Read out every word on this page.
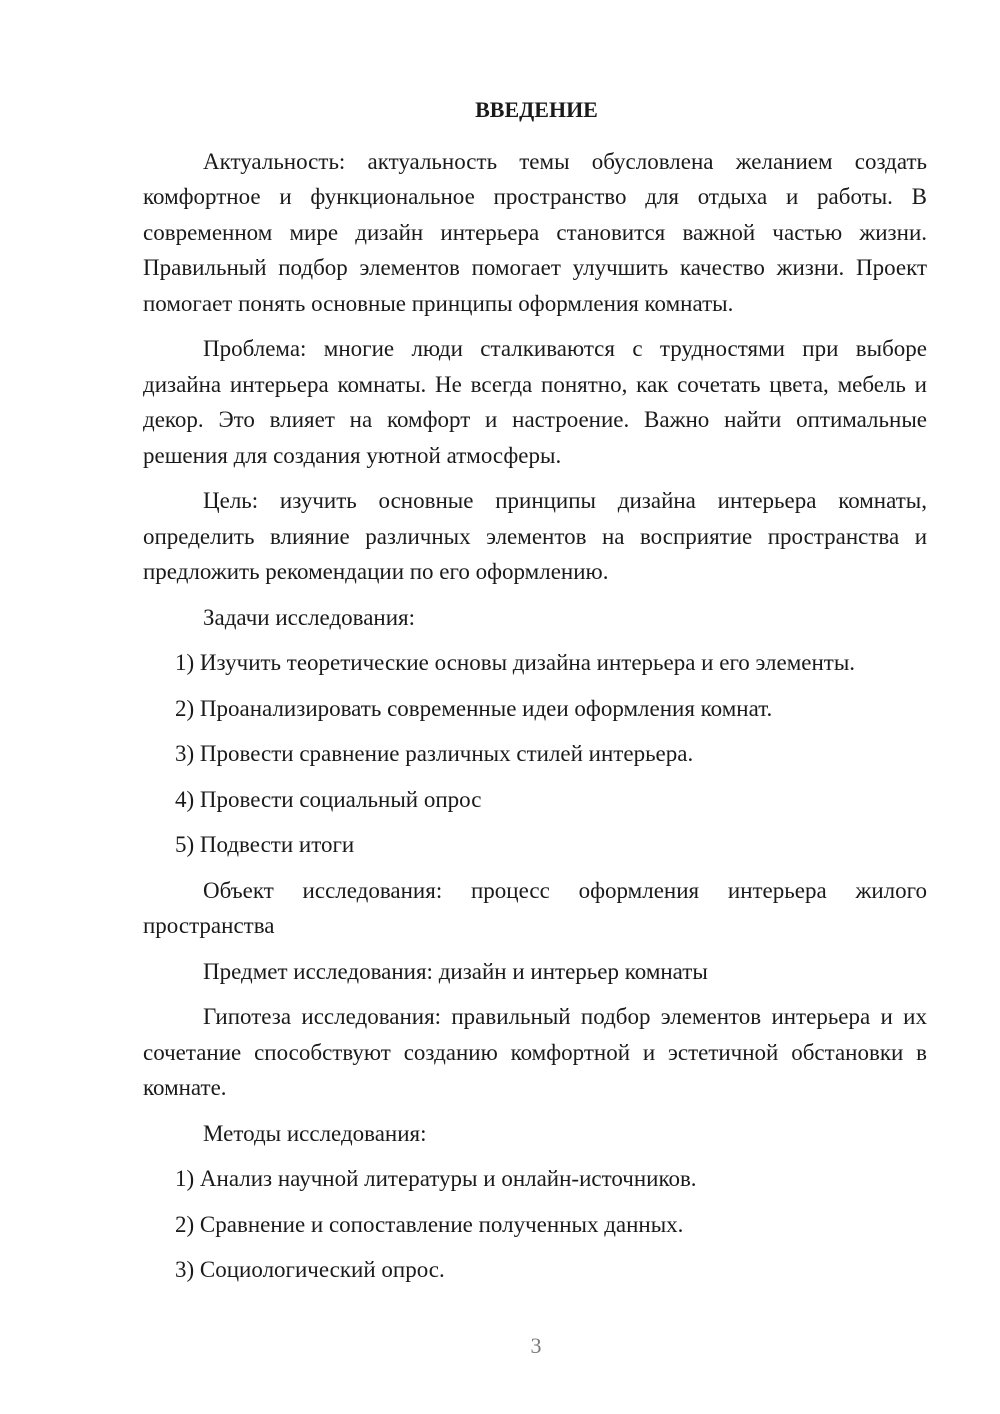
ВВЕДЕНИЕ
Актуальность: актуальность темы обусловлена желанием создать комфортное и функциональное пространство для отдыха и работы. В современном мире дизайн интерьера становится важной частью жизни. Правильный подбор элементов помогает улучшить качество жизни. Проект помогает понять основные принципы оформления комнаты.
Проблема: многие люди сталкиваются с трудностями при выборе дизайна интерьера комнаты. Не всегда понятно, как сочетать цвета, мебель и декор. Это влияет на комфорт и настроение. Важно найти оптимальные решения для создания уютной атмосферы.
Цель: изучить основные принципы дизайна интерьера комнаты, определить влияние различных элементов на восприятие пространства и предложить рекомендации по его оформлению.
Задачи исследования:
1) Изучить теоретические основы дизайна интерьера и его элементы.
2) Проанализировать современные идеи оформления комнат.
3) Провести сравнение различных стилей интерьера.
4) Провести социальный опрос
5) Подвести итоги
Объект исследования: процесс оформления интерьера жилого пространства
Предмет исследования: дизайн и интерьер комнаты
Гипотеза исследования: правильный подбор элементов интерьера и их сочетание способствуют созданию комфортной и эстетичной обстановки в комнате.
Методы исследования:
1) Анализ научной литературы и онлайн-источников.
2) Сравнение и сопоставление полученных данных.
3) Социологический опрос.
3
